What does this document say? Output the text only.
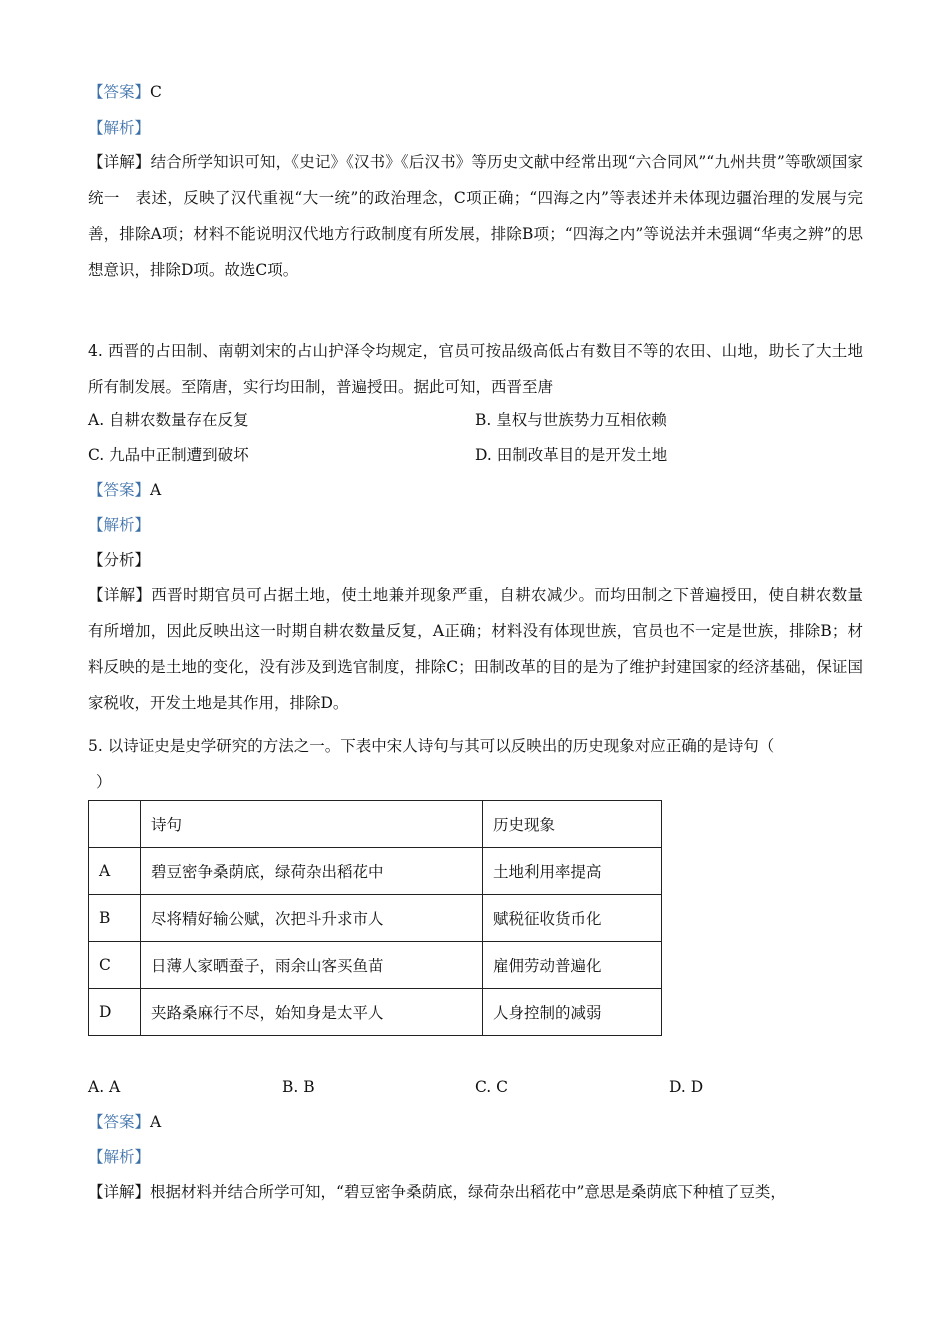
【答案】C
【解析】
【详解】结合所学知识可知，《史记》《汉书》《后汉书》等历史文献中经常出现“六合同风”“九州共贯”等歌颂国家统一　表述，反映了汉代重视“大一统”的政治理念，C项正确；“四海之内”等表述并未体现边疆治理的发展与完善，排除A项；材料不能说明汉代地方行政制度有所发展，排除B项；“四海之内”等说法并未强调“华夷之辨”的思想意识，排除D项。故选C项。
4. 西晋的占田制、南朝刘宋的占山护泽令均规定，官员可按品级高低占有数目不等的农田、山地，助长了大土地所有制发展。至隋唐，实行均田制，普遍授田。据此可知，西晋至唐
A. 自耕农数量存在反复	B. 皇权与世族势力互相依赖
C. 九品中正制遭到破坏	D. 田制改革目的是开发土地
【答案】A
【解析】
【分析】
【详解】西晋时期官员可占据土地，使土地兼并现象严重，自耕农减少。而均田制之下普遍授田，使自耕农数量有所增加，因此反映出这一时期自耕农数量反复，A正确；材料没有体现世族，官员也不一定是世族，排除B；材料反映的是土地的变化，没有涉及到选官制度，排除C；田制改革的目的是为了维护封建国家的经济基础，保证国家税收，开发土地是其作用，排除D。
5. 以诗证史是史学研究的方法之一。下表中宋人诗句与其可以反映出的历史现象对应正确的是诗句（
）
	诗句	历史现象
A	碧豆密争桑荫底，绿荷杂出稻花中	土地利用率提高
B	尽将精好输公赋，次把斗升求市人	赋税征收货币化
C	日薄人家晒蚕子，雨余山客买鱼苗	雇佣劳动普遍化
D	夹路桑麻行不尽，始知身是太平人	人身控制的减弱
A. A	B. B	C. C	D. D
【答案】A
【解析】
【详解】根据材料并结合所学可知，“碧豆密争桑荫底，绿荷杂出稻花中”意思是桑荫底下种植了豆类，
